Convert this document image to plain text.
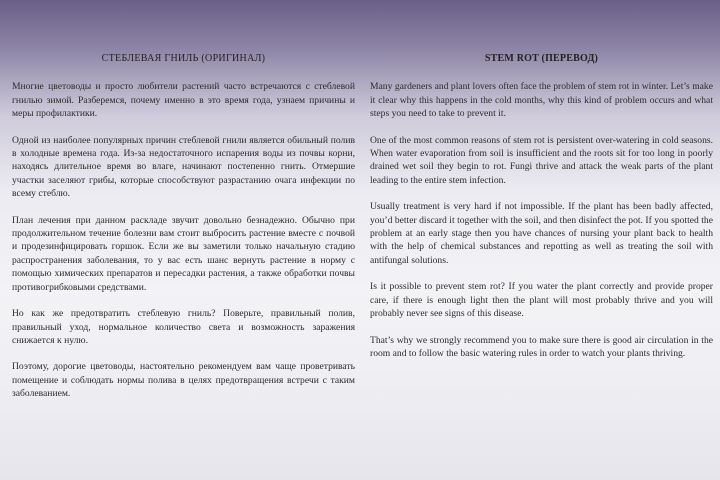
СТЕБЛЕВАЯ ГНИЛЬ (ОРИГИНАЛ)

Многие цветоводы и просто любители растений часто встречаются с стеблевой гнилью зимой. Разберемся, почему именно в это время года, узнаем причины и меры профилактики.

Одной из наиболее популярных причин стеблевой гнили является обильный полив в холодные времена года. Из-за недостаточного испарения воды из почвы корни, находясь длительное время во влаге, начинают постепенно гнить. Отмершие участки заселяют грибы, которые способствуют разрастанию очага инфекции по всему стеблю.

План лечения при данном раскладе звучит довольно безнадежно. Обычно при продолжительном течение болезни вам стоит выбросить растение вместе с почвой и продезинфицировать горшок. Если же вы заметили только начальную стадию распространения заболевания, то у вас есть шанс вернуть растение в норму с помощью химических препаратов и пересадки растения, а также обработки почвы противогрибковыми средствами.

Но как же предотвратить стеблевую гниль? Поверьте, правильный полив, правильный уход, нормальное количество света и возможность заражения снижается к нулю.

Поэтому, дорогие цветоводы, настоятельно рекомендуем вам чаще проветривать помещение и соблюдать нормы полива в целях предотвращения встречи с таким заболеванием.

STEM ROT (ПЕРЕВОД)

Many gardeners and plant lovers often face the problem of stem rot in winter. Let’s make it clear why this happens in the cold months, why this kind of problem occurs and what steps you need to take to prevent it.

One of the most common reasons of stem rot is persistent over-watering in cold seasons. When water evaporation from soil is insufficient and the roots sit for too long in poorly drained wet soil they begin to rot. Fungi thrive and attack the weak parts of the plant leading to the entire stem infection.

Usually treatment is very hard if not impossible. If the plant has been badly affected, you’d better discard it together with the soil, and then disinfect the pot. If you spotted the problem at an early stage then you have chances of nursing your plant back to health with the help of chemical substances and repotting as well as treating the soil with antifungal solutions.

Is it possible to prevent stem rot? If you water the plant correctly and provide proper care, if there is enough light then the plant will most probably thrive and you will probably never see signs of this disease.

That’s why we strongly recommend you to make sure there is good air circulation in the room and to follow the basic watering rules in order to watch your plants thriving.
